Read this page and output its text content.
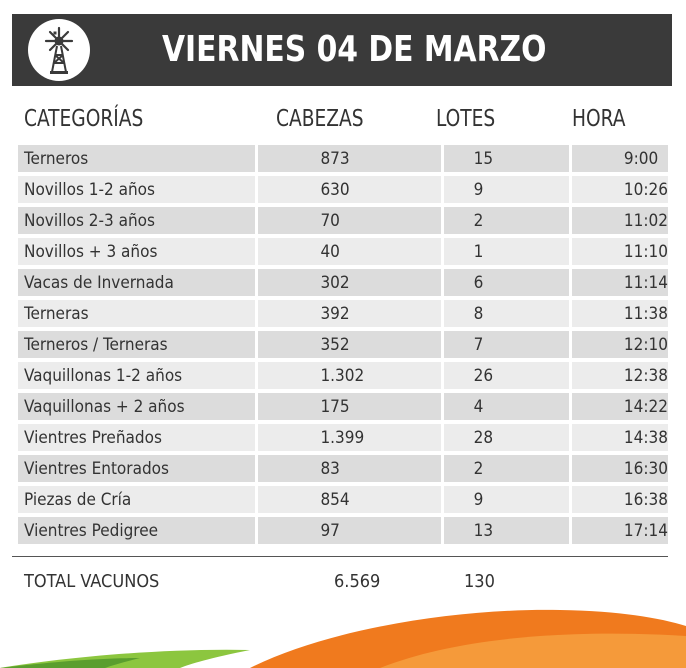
VIERNES 04 DE MARZO
CATEGORÍAS	CABEZAS	LOTES	HORA
Terneros	873	15	9:00
Novillos 1-2 años	630	9	10:26
Novillos 2-3 años	70	2	11:02
Novillos + 3 años	40	1	11:10
Vacas de Invernada	302	6	11:14
Terneras	392	8	11:38
Terneros / Terneras	352	7	12:10
Vaquillonas 1-2 años	1.302	26	12:38
Vaquillonas + 2 años	175	4	14:22
Vientres Preñados	1.399	28	14:38
Vientres Entorados	83	2	16:30
Piezas de Cría	854	9	16:38
Vientres Pedigree	97	13	17:14
TOTAL VACUNOS	6.569	130
